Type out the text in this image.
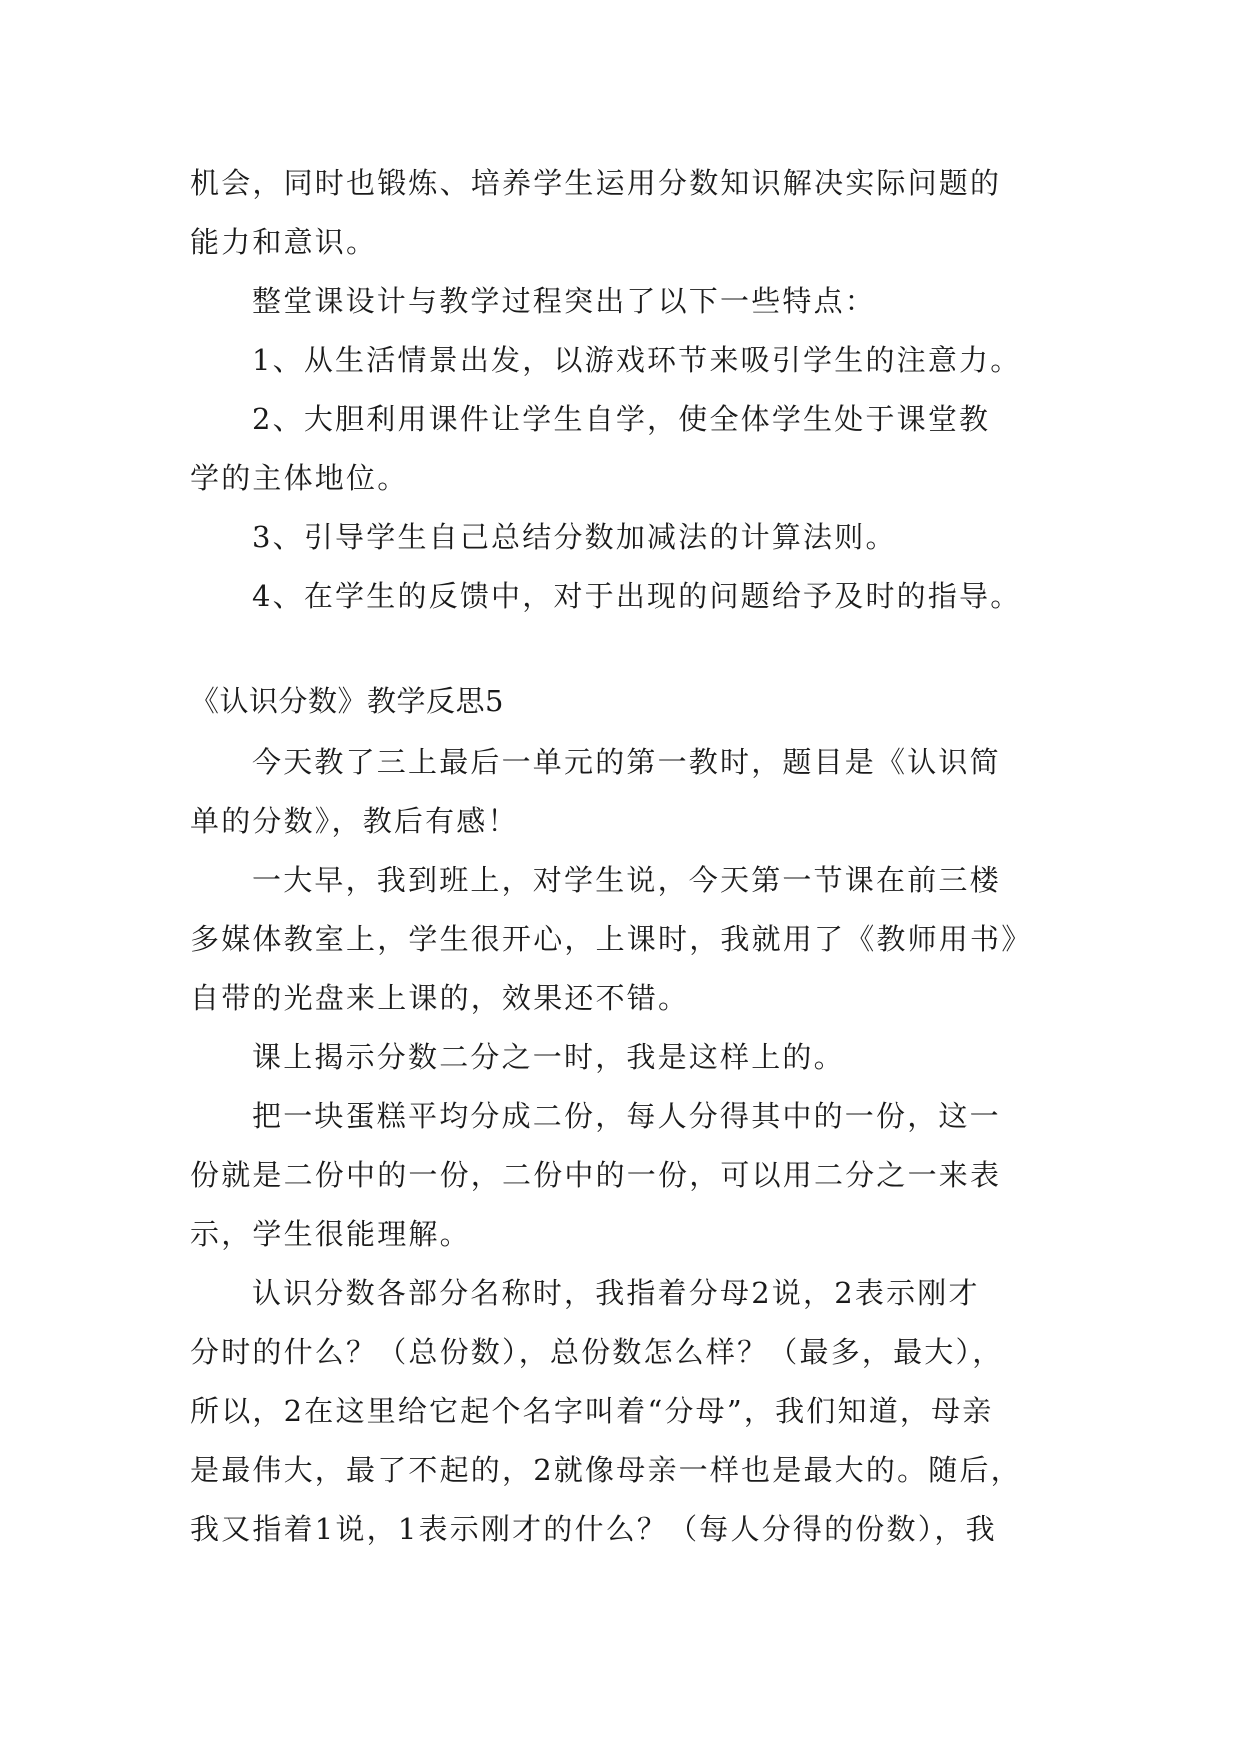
机会，同时也锻炼、培养学生运用分数知识解决实际问题的
能力和意识。
整堂课设计与教学过程突出了以下一些特点：
1、从生活情景出发，以游戏环节来吸引学生的注意力。
2、大胆利用课件让学生自学，使全体学生处于课堂教
学的主体地位。
3、引导学生自己总结分数加减法的计算法则。
4、在学生的反馈中，对于出现的问题给予及时的指导。
《认识分数》教学反思5
今天教了三上最后一单元的第一教时，题目是《认识简
单的分数》，教后有感！
一大早，我到班上，对学生说，今天第一节课在前三楼
多媒体教室上，学生很开心，上课时，我就用了《教师用书》
自带的光盘来上课的，效果还不错。
课上揭示分数二分之一时，我是这样上的。
把一块蛋糕平均分成二份，每人分得其中的一份，这一
份就是二份中的一份，二份中的一份，可以用二分之一来表
示，学生很能理解。
认识分数各部分名称时，我指着分母2说，2表示刚才
分时的什么？（总份数），总份数怎么样？（最多，最大），
所以，2在这里给它起个名字叫着“分母”，我们知道，母亲
是最伟大，最了不起的，2就像母亲一样也是最大的。随后，
我又指着1说，1表示刚才的什么？（每人分得的份数），我
